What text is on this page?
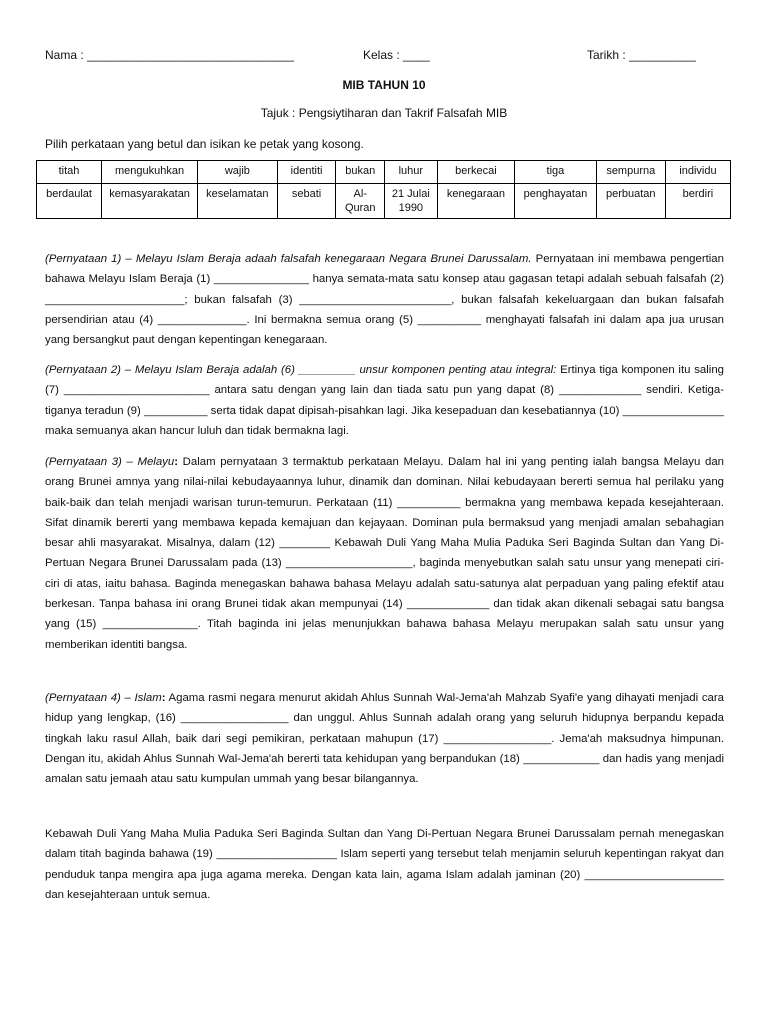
Nama : _______________________________	Kelas : ____	Tarikh : __________
MIB TAHUN 10
Tajuk : Pengsiytiharan dan Takrif Falsafah MIB
Pilih perkataan yang betul dan isikan ke petak yang kosong.
titah	mengukuhkan	wajib	identiti	bukan	luhur	berkecai	tiga	sempurna	individu
berdaulat	kemasyarakatan	keselamatan	sebati	Al-Quran	21 Julai 1990	kenegaraan	penghayatan	perbuatan	berdiri
(Pernyataan 1) – Melayu Islam Beraja adaah falsafah kenegaraan Negara Brunei Darussalam. Pernyataan ini membawa pengertian bahawa Melayu Islam Beraja (1) _______________ hanya semata-mata satu konsep atau gagasan tetapi adalah sebuah falsafah (2) ______________________; bukan falsafah (3) ________________________, bukan falsafah kekeluargaan dan bukan falsafah persendirian atau (4) ______________. Ini bermakna semua orang (5) __________ menghayati falsafah ini dalam apa jua urusan yang bersangkut paut dengan kepentingan kenegaraan.
(Pernyataan 2) – Melayu Islam Beraja adalah (6) _________ unsur komponen penting atau integral: Ertinya tiga komponen itu saling (7) _______________________ antara satu dengan yang lain dan tiada satu pun yang dapat (8) _____________ sendiri. Ketiga-tiganya teradun (9) __________ serta tidak dapat dipisah-pisahkan lagi. Jika kesepaduan dan kesebatiannya (10) ________________ maka semuanya akan hancur luluh dan tidak bermakna lagi.
(Pernyataan 3) – Melayu: Dalam pernyataan 3 termaktub perkataan Melayu. Dalam hal ini yang penting ialah bangsa Melayu dan orang Brunei amnya yang nilai-nilai kebudayaannya luhur, dinamik dan dominan. Nilai kebudayaan bererti semua hal perilaku yang baik-baik dan telah menjadi warisan turun-temurun. Perkataan (11) __________ bermakna yang membawa kepada kesejahteraan. Sifat dinamik bererti yang membawa kepada kemajuan dan kejayaan. Dominan pula bermaksud yang menjadi amalan sebahagian besar ahli masyarakat. Misalnya, dalam (12) ________ Kebawah Duli Yang Maha Mulia Paduka Seri Baginda Sultan dan Yang Di-Pertuan Negara Brunei Darussalam pada (13) ____________________, baginda menyebutkan salah satu unsur yang menepati ciri-ciri di atas, iaitu bahasa. Baginda menegaskan bahawa bahasa Melayu adalah satu-satunya alat perpaduan yang paling efektif atau berkesan. Tanpa bahasa ini orang Brunei tidak akan mempunyai (14) _____________ dan tidak akan dikenali sebagai satu bangsa yang (15) _______________. Titah baginda ini jelas menunjukkan bahawa bahasa Melayu merupakan salah satu unsur yang memberikan identiti bangsa.
(Pernyataan 4) – Islam: Agama rasmi negara menurut akidah Ahlus Sunnah Wal-Jema'ah Mahzab Syafi'e yang dihayati menjadi cara hidup yang lengkap, (16) _________________ dan unggul. Ahlus Sunnah adalah orang yang seluruh hidupnya berpandu kepada tingkah laku rasul Allah, baik dari segi pemikiran, perkataan mahupun (17) _________________. Jema'ah maksudnya himpunan. Dengan itu, akidah Ahlus Sunnah Wal-Jema'ah bererti tata kehidupan yang berpandukan (18) ____________ dan hadis yang menjadi amalan satu jemaah atau satu kumpulan ummah yang besar bilangannya.
Kebawah Duli Yang Maha Mulia Paduka Seri Baginda Sultan dan Yang Di-Pertuan Negara Brunei Darussalam pernah menegaskan dalam titah baginda bahawa (19) ___________________ Islam seperti yang tersebut telah menjamin seluruh kepentingan rakyat dan penduduk tanpa mengira apa juga agama mereka. Dengan kata lain, agama Islam adalah jaminan (20) ______________________ dan kesejahteraan untuk semua.
